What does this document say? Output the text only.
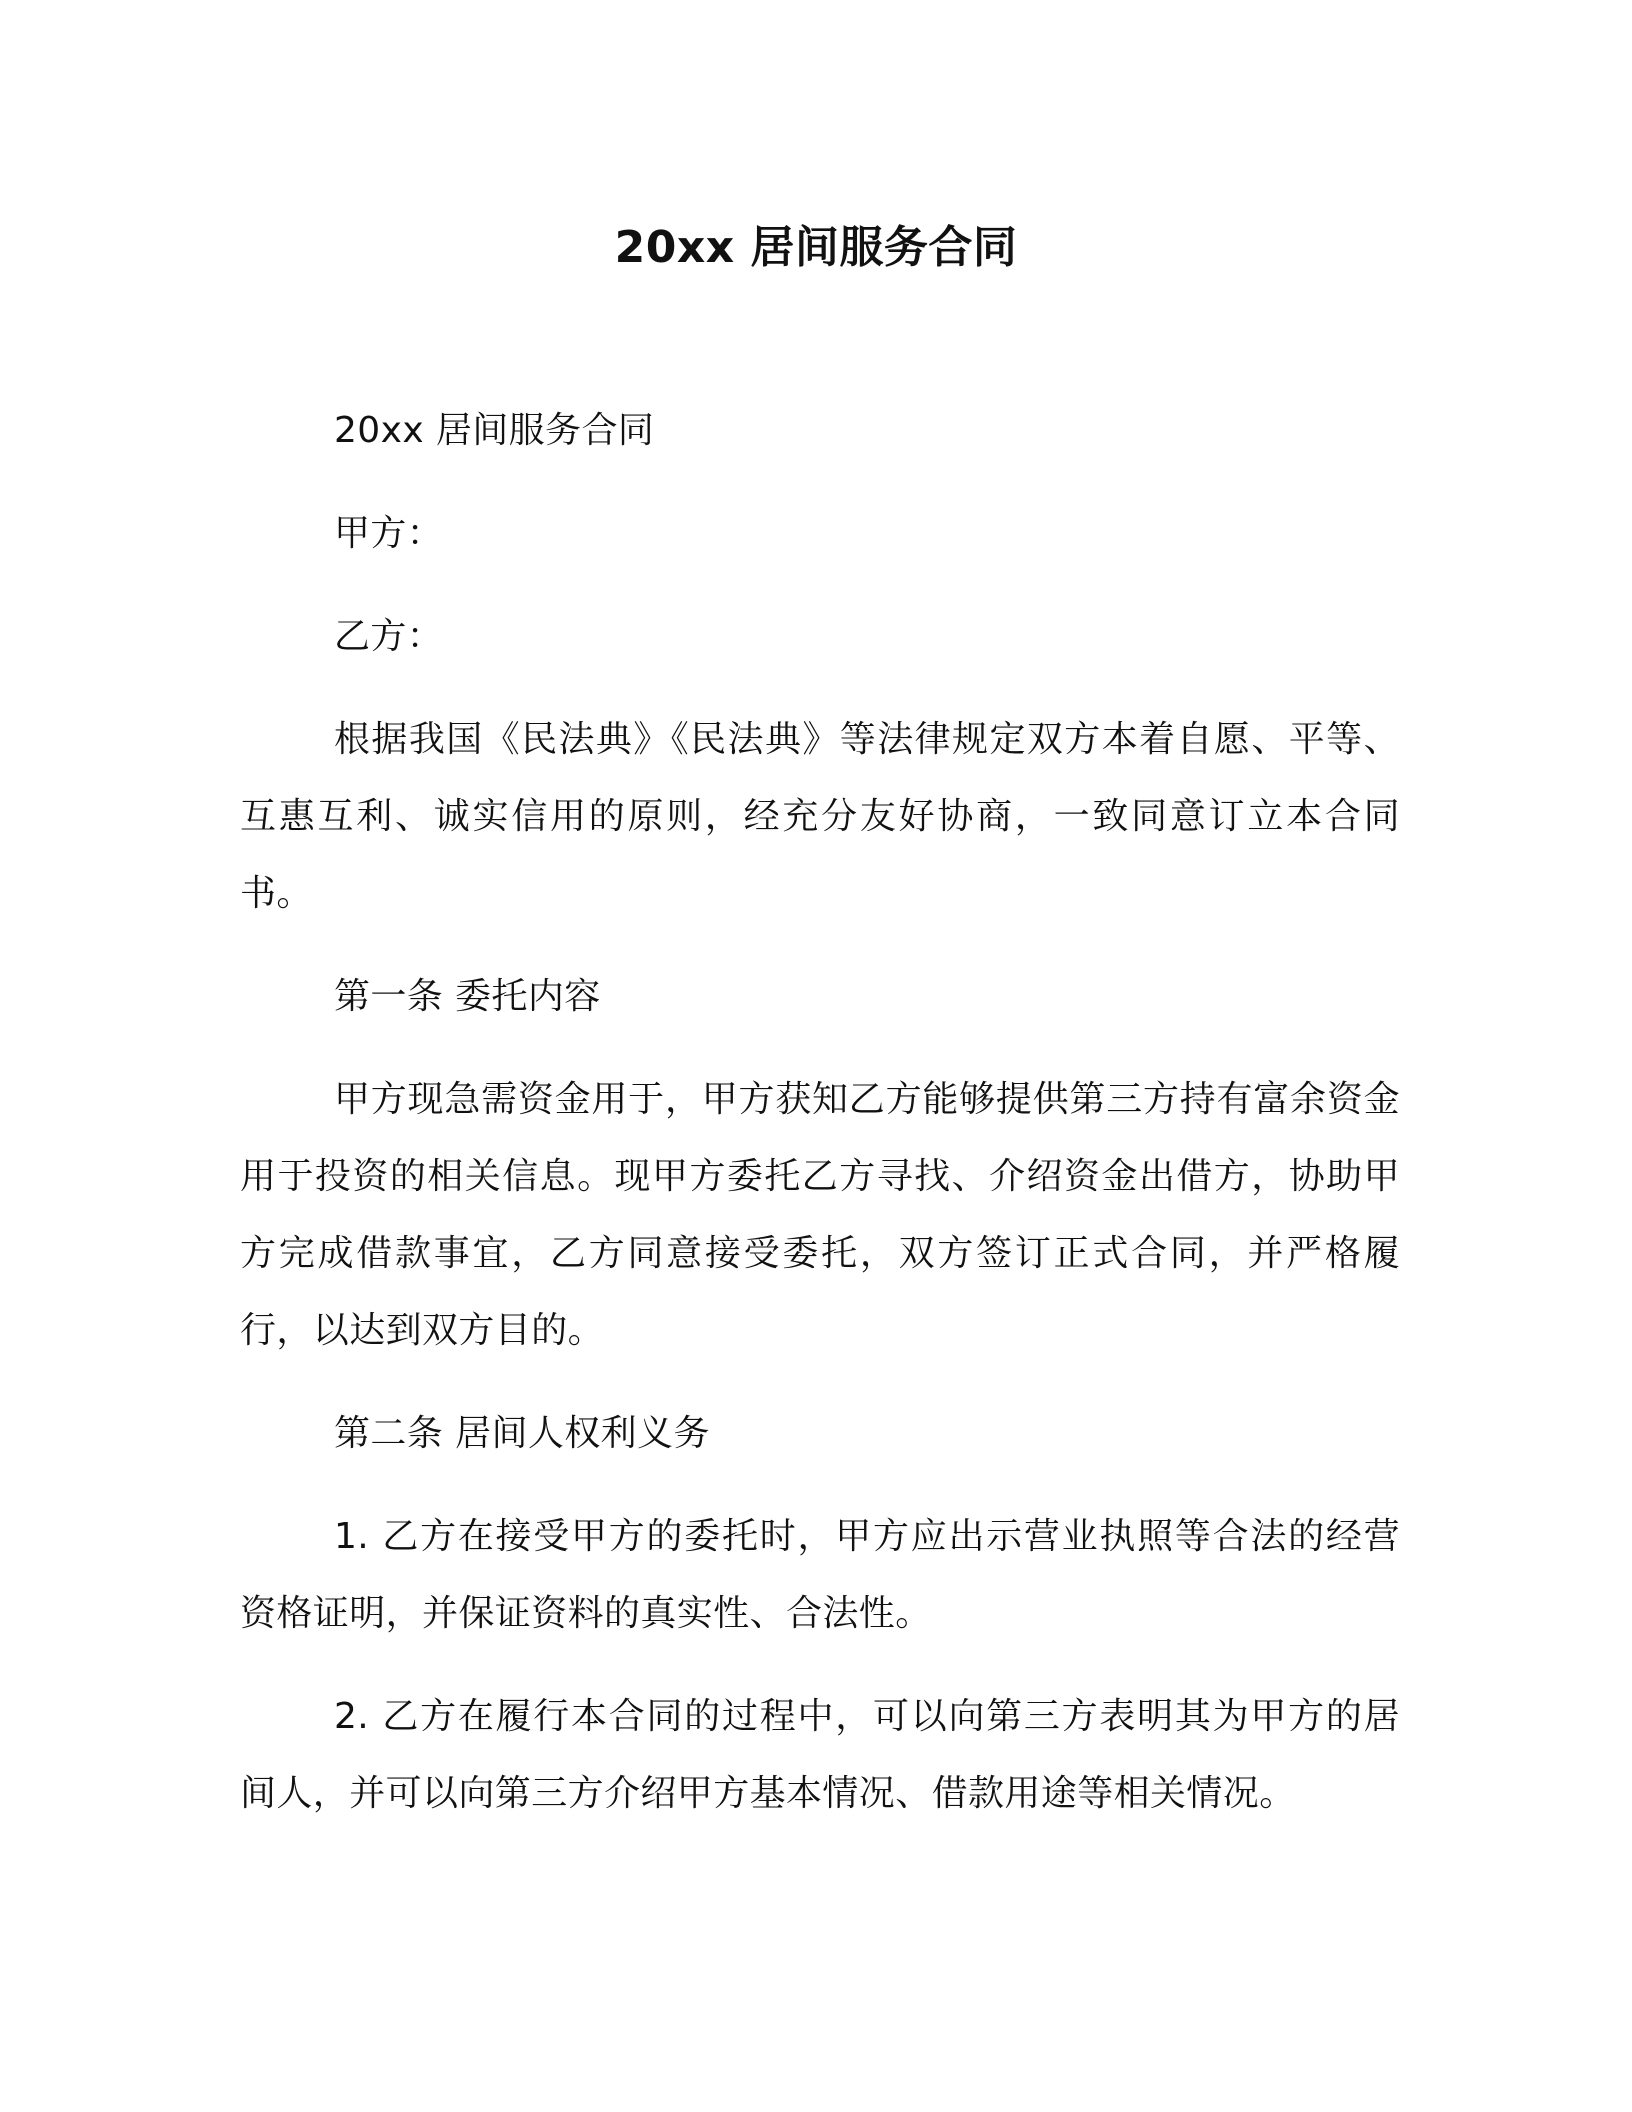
20xx 居间服务合同

20xx 居间服务合同

甲方：

乙方：

根据我国《民法典》《民法典》等法律规定双方本着自愿、平等、互惠互利、诚实信用的原则，经充分友好协商，一致同意订立本合同书。

第一条 委托内容

甲方现急需资金用于，甲方获知乙方能够提供第三方持有富余资金用于投资的相关信息。现甲方委托乙方寻找、介绍资金出借方，协助甲方完成借款事宜，乙方同意接受委托，双方签订正式合同，并严格履行，以达到双方目的。

第二条 居间人权利义务

1. 乙方在接受甲方的委托时，甲方应出示营业执照等合法的经营资格证明，并保证资料的真实性、合法性。

2. 乙方在履行本合同的过程中，可以向第三方表明其为甲方的居间人，并可以向第三方介绍甲方基本情况、借款用途等相关情况。
